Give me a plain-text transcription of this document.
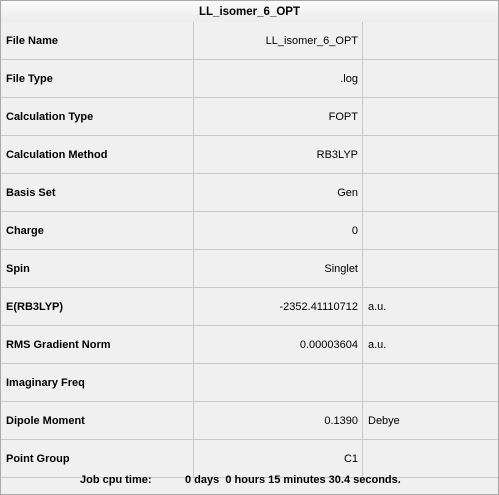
LL_isomer_6_OPT
File Name	LL_isomer_6_OPT
File Type	.log
Calculation Type	FOPT
Calculation Method	RB3LYP
Basis Set	Gen
Charge	0
Spin	Singlet
E(RB3LYP)	-2352.41110712 a.u.
RMS Gradient Norm	0.00003604 a.u.
Imaginary Freq
Dipole Moment	0.1390 Debye
Point Group	C1
Job cpu time:	0 days  0 hours 15 minutes 30.4 seconds.
